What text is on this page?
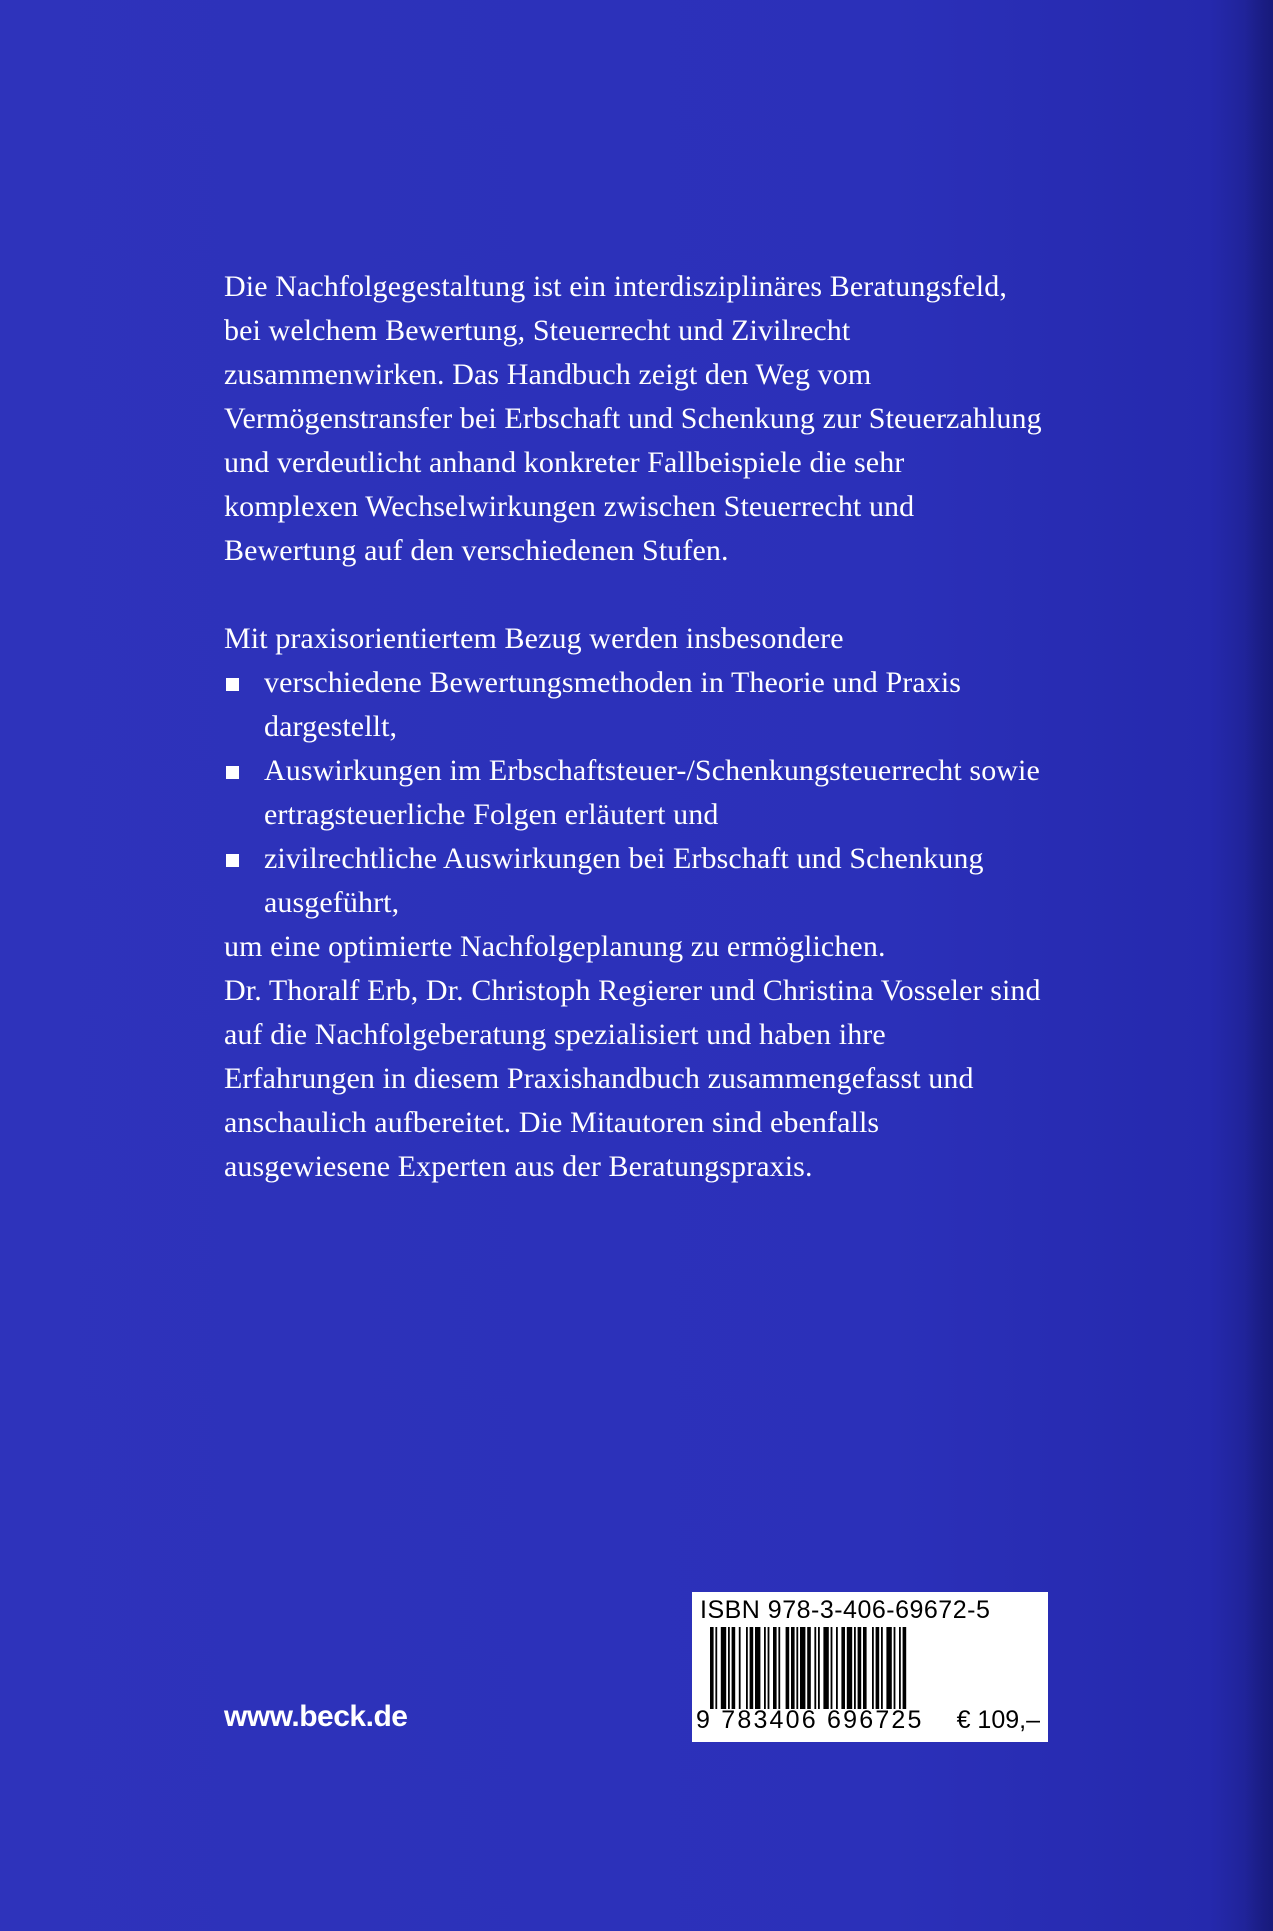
Die Nachfolgegestaltung ist ein interdisziplinäres Beratungsfeld, bei welchem Bewertung, Steuerrecht und Zivilrecht zusammenwirken. Das Handbuch zeigt den Weg vom Vermögenstransfer bei Erbschaft und Schenkung zur Steuerzahlung und verdeutlicht anhand konkreter Fallbeispiele die sehr komplexen Wechselwirkungen zwischen Steuerrecht und Bewertung auf den verschiedenen Stufen.

Mit praxisorientiertem Bezug werden insbesondere

verschiedene Bewertungsmethoden in Theorie und Praxis dargestellt,
Auswirkungen im Erbschaftsteuer-/Schenkungsteuerrecht sowie ertragsteuerliche Folgen erläutert und
zivilrechtliche Auswirkungen bei Erbschaft und Schenkung ausgeführt,

um eine optimierte Nachfolgeplanung zu ermöglichen.

Dr. Thoralf Erb, Dr. Christoph Regierer und Christina Vosseler sind auf die Nachfolgeberatung spezialisiert und haben ihre Erfahrungen in diesem Praxishandbuch zusammengefasst und anschaulich aufbereitet. Die Mitautoren sind ebenfalls ausgewiesene Experten aus der Beratungspraxis.

www.beck.de
ISBN 978-3-406-69672-5
9 783406 696725 € 109,–
